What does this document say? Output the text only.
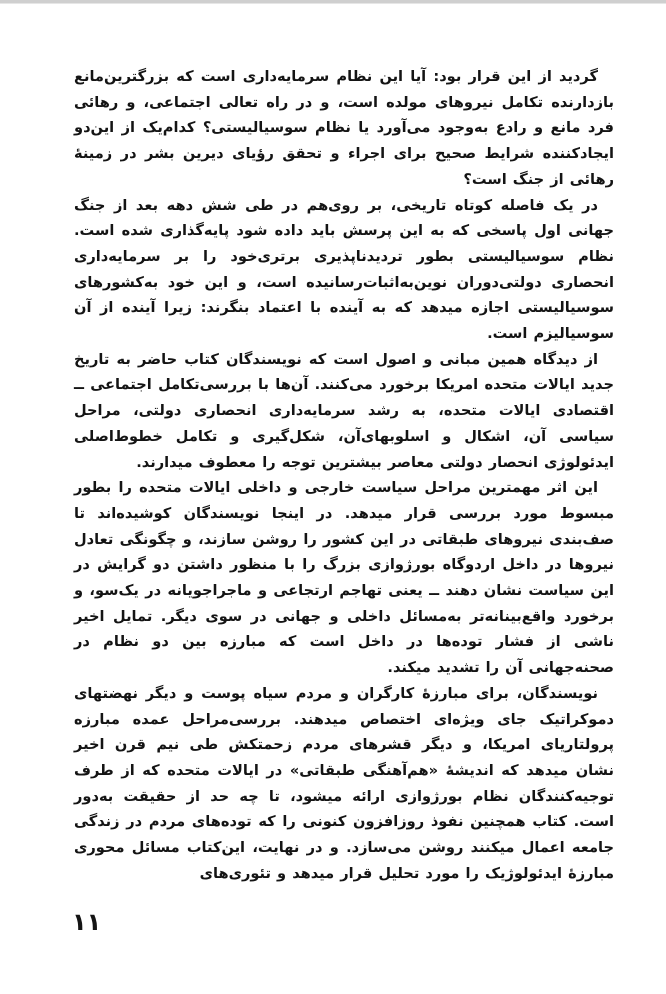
گردید از این قرار بود: آیا این نظام سرمایه‌داری است که بزرگترین‌مانع بازدارنده تکامل نیروهای مولده است، و در راه تعالی اجتماعی، و رهائی فرد مانع و رادع به‌وجود می‌آورد یا نظام سوسیالیستی؟ کدام‌یک از این‌دو ایجادکننده شرایط صحیح برای اجراء و تحقق رؤیای دیرین بشر در زمینهٔ رهائی از جنگ است؟

در یک فاصله کوتاه تاریخی، بر روی‌هم در طی شش دهه بعد از جنگ جهانی اول پاسخی که به این پرسش باید داده شود پایه‌گذاری شده است. نظام سوسیالیستی بطور تردیدناپذیری برتری‌خود را بر سرمایه‌داری انحصاری دولتی‌دوران نوین‌به‌اثبات‌رسانیده است، و این خود به‌کشورهای سوسیالیستی اجازه میدهد که به آینده با اعتماد بنگرند: زیرا آینده از آن سوسیالیزم است.

از دیدگاه همین مبانی و اصول است که نویسندگان کتاب حاضر به تاریخ جدید ایالات متحده امریکا برخورد می‌کنند. آن‌ها با بررسی‌تکامل اجتماعی ــ اقتصادی ایالات متحده، به رشد سرمایه‌داری انحصاری دولتی، مراحل سیاسی آن، اشکال و اسلوبهای‌آن، شکل‌گیری و تکامل خطوط‌اصلی ایدئولوژی انحصار دولتی معاصر بیشترین توجه را معطوف میدارند.

این اثر مهمترین مراحل سیاست خارجی و داخلی ایالات متحده را بطور مبسوط مورد بررسی قرار میدهد. در اینجا نویسندگان کوشیده‌اند تا صف‌بندی نیروهای طبقاتی در این کشور را روشن سازند، و چگونگی تعادل نیروها در داخل اردوگاه بورژوازی بزرگ را با منظور داشتن دو گرایش در این سیاست نشان دهند ــ یعنی تهاجم ارتجاعی و ماجراجویانه در یک‌سو، و برخورد واقع‌بینانه‌تر به‌مسائل داخلی و جهانی در سوی دیگر. تمایل اخیر ناشی از فشار توده‌ها در داخل است که مبارزه بین دو نظام در صحنه‌جهانی آن را تشدید میکند.

نویسندگان، برای مبارزهٔ کارگران و مردم سیاه پوست و دیگر نهضتهای دموکراتیک جای ویژه‌ای اختصاص میدهند. بررسی‌مراحل عمده مبارزه پرولتاریای امریکا، و دیگر قشرهای مردم زحمتکش طی نیم قرن اخیر نشان میدهد که اندیشهٔ «هم‌آهنگی طبقاتی» در ایالات متحده که از طرف توجیه‌کنندگان نظام بورژوازی ارائه میشود، تا چه حد از حقیقت به‌دور است. کتاب همچنین نفوذ روزافزون کنونی را که توده‌های مردم در زندگی جامعه اعمال میکنند روشن می‌سازد. و در نهایت، این‌کتاب مسائل محوری مبارزهٔ ایدئولوژیک را مورد تحلیل قرار میدهد و تئوری‌های

۱۱
